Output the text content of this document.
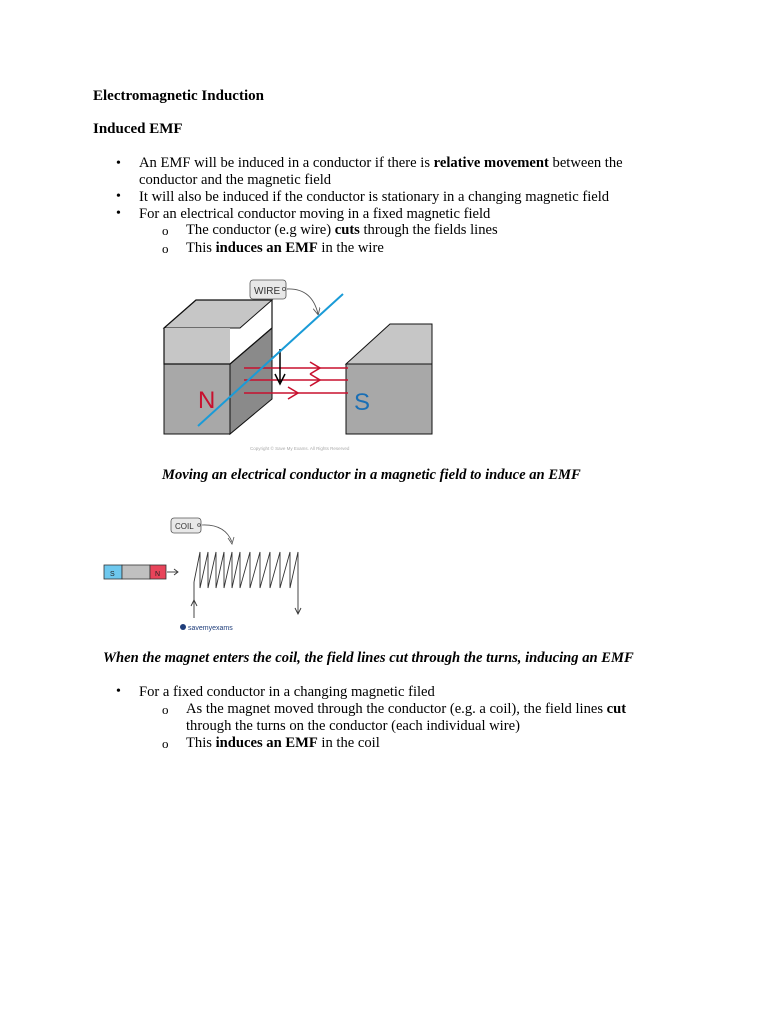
Electromagnetic Induction
Induced EMF
• An EMF will be induced in a conductor if there is relative movement between the
conductor and the magnetic field
• It will also be induced if the conductor is stationary in a changing magnetic field
• For an electrical conductor moving in a fixed magnetic field
o The conductor (e.g wire) cuts through the fields lines
o This induces an EMF in the wire
N	S
WIRE
Copyright © Save My Exams. All Rights Reserved
Moving an electrical conductor in a magnetic field to induce an EMF
S	N
COIL
savemyexams
When the magnet enters the coil, the field lines cut through the turns, inducing an EMF
• For a fixed conductor in a changing magnetic filed
o As the magnet moved through the conductor (e.g. a coil), the field lines cut
through the turns on the conductor (each individual wire)
o This induces an EMF in the coil
